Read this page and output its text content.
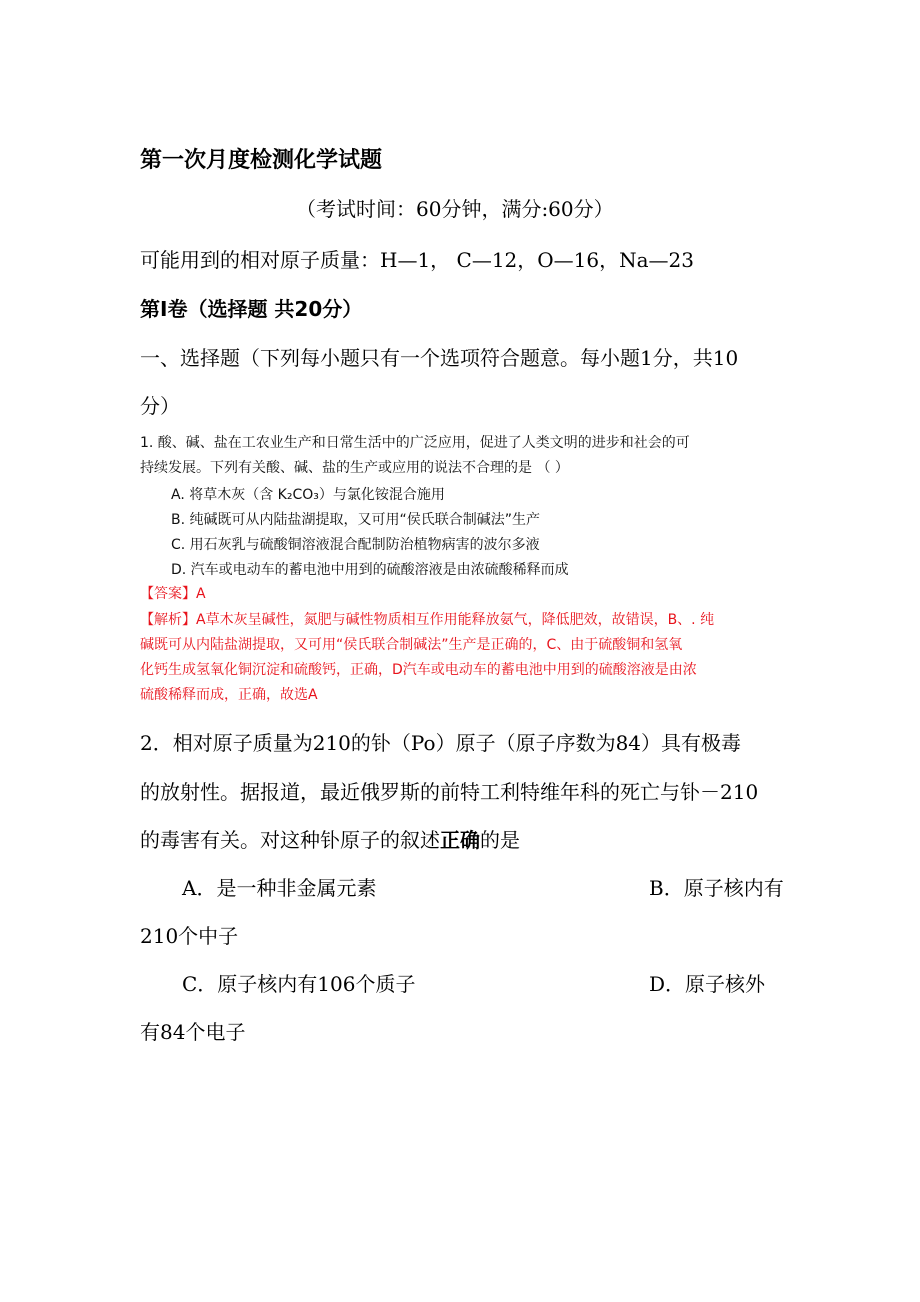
第一次月度检测化学试题
（考试时间：60分钟，满分:60分）
可能用到的相对原子质量：H—1， C—12，O—16，Na—23
第Ⅰ卷（选择题 共20分）
一、选择题（下列每小题只有一个选项符合题意。每小题1分，共10
分）
1. 酸、碱、盐在工农业生产和日常生活中的广泛应用，促进了人类文明的进步和社会的可
持续发展。下列有关酸、碱、盐的生产或应用的说法不合理的是 （ ）
A. 将草木灰（含 K₂CO₃）与氯化铵混合施用
B. 纯碱既可从内陆盐湖提取，又可用“侯氏联合制碱法”生产
C. 用石灰乳与硫酸铜溶液混合配制防治植物病害的波尔多液
D. 汽车或电动车的蓄电池中用到的硫酸溶液是由浓硫酸稀释而成
【答案】A
【解析】A草木灰呈碱性，氮肥与碱性物质相互作用能释放氨气，降低肥效，故错误，B、. 纯
碱既可从内陆盐湖提取，又可用“侯氏联合制碱法”生产是正确的，C、由于硫酸铜和氢氧
化钙生成氢氧化铜沉淀和硫酸钙，正确，D汽车或电动车的蓄电池中用到的硫酸溶液是由浓
硫酸稀释而成，正确，故选A
2．相对原子质量为210的钋（Po）原子（原子序数为84）具有极毒
的放射性。据报道，最近俄罗斯的前特工利特维年科的死亡与钋－210
的毒害有关。对这种钋原子的叙述正确的是
A．是一种非金属元素	B．原子核内有
210个中子
C．原子核内有106个质子	D．原子核外
有84个电子
